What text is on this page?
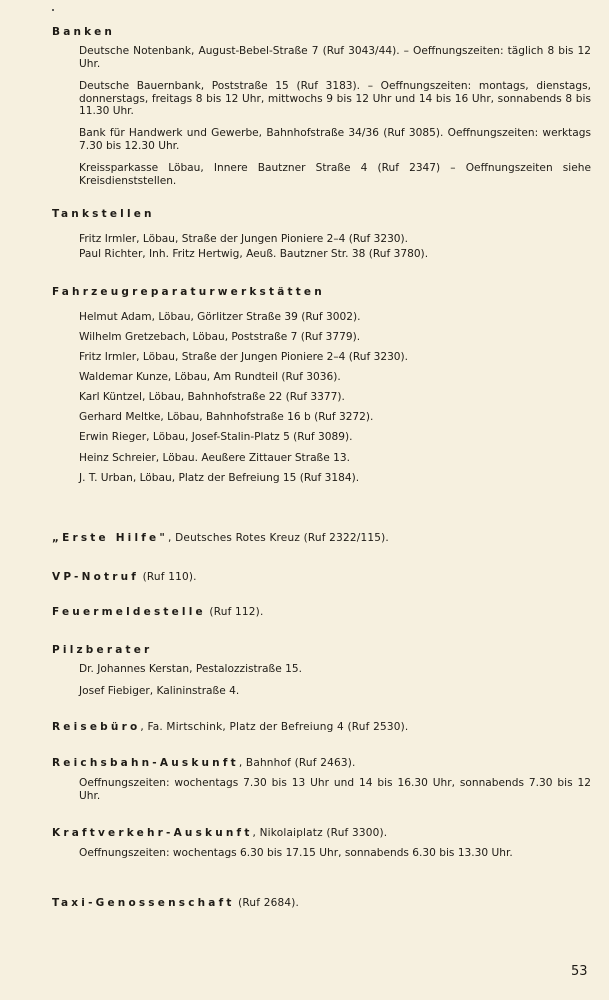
Banken
Deutsche Notenbank, August-Bebel-Straße 7 (Ruf 3043/44). – Oeffnungszeiten: täglich 8 bis 12 Uhr.
Deutsche Bauernbank, Poststraße 15 (Ruf 3183). – Oeffnungszeiten: montags, dienstags, donnerstags, freitags 8 bis 12 Uhr, mittwochs 9 bis 12 Uhr und 14 bis 16 Uhr, sonnabends 8 bis 11.30 Uhr.
Bank für Handwerk und Gewerbe, Bahnhofstraße 34/36 (Ruf 3085). Oeffnungszeiten: werktags 7.30 bis 12.30 Uhr.
Kreissparkasse Löbau, Innere Bautzner Straße 4 (Ruf 2347) – Oeffnungszeiten siehe Kreisdienststellen.
Tankstellen
Fritz Irmler, Löbau, Straße der Jungen Pioniere 2–4 (Ruf 3230).
Paul Richter, Inh. Fritz Hertwig, Aeuß. Bautzner Str. 38 (Ruf 3780).
Fahrzeugreparaturwerkstätten
Helmut Adam, Löbau, Görlitzer Straße 39 (Ruf 3002).
Wilhelm Gretzebach, Löbau, Poststraße 7 (Ruf 3779).
Fritz Irmler, Löbau, Straße der Jungen Pioniere 2–4 (Ruf 3230).
Waldemar Kunze, Löbau, Am Rundteil (Ruf 3036).
Karl Küntzel, Löbau, Bahnhofstraße 22 (Ruf 3377).
Gerhard Meltke, Löbau, Bahnhofstraße 16 b (Ruf 3272).
Erwin Rieger, Löbau, Josef-Stalin-Platz 5 (Ruf 3089).
Heinz Schreier, Löbau. Aeußere Zittauer Straße 13.
J. T. Urban, Löbau, Platz der Befreiung 15 (Ruf 3184).
„Erste Hilfe", Deutsches Rotes Kreuz (Ruf 2322/115).
VP-Notruf (Ruf 110).
Feuermeldestelle (Ruf 112).
Pilzberater
Dr. Johannes Kerstan, Pestalozzistraße 15.
Josef Fiebiger, Kalininstraße 4.
Reisebüro, Fa. Mirtschink, Platz der Befreiung 4 (Ruf 2530).
Reichsbahn-Auskunft, Bahnhof (Ruf 2463).
Oeffnungszeiten: wochentags 7.30 bis 13 Uhr und 14 bis 16.30 Uhr, sonnabends 7.30 bis 12 Uhr.
Kraftverkehr-Auskunft, Nikolaiplatz (Ruf 3300).
Oeffnungszeiten: wochentags 6.30 bis 17.15 Uhr, sonnabends 6.30 bis 13.30 Uhr.
Taxi-Genossenschaft (Ruf 2684).
53
